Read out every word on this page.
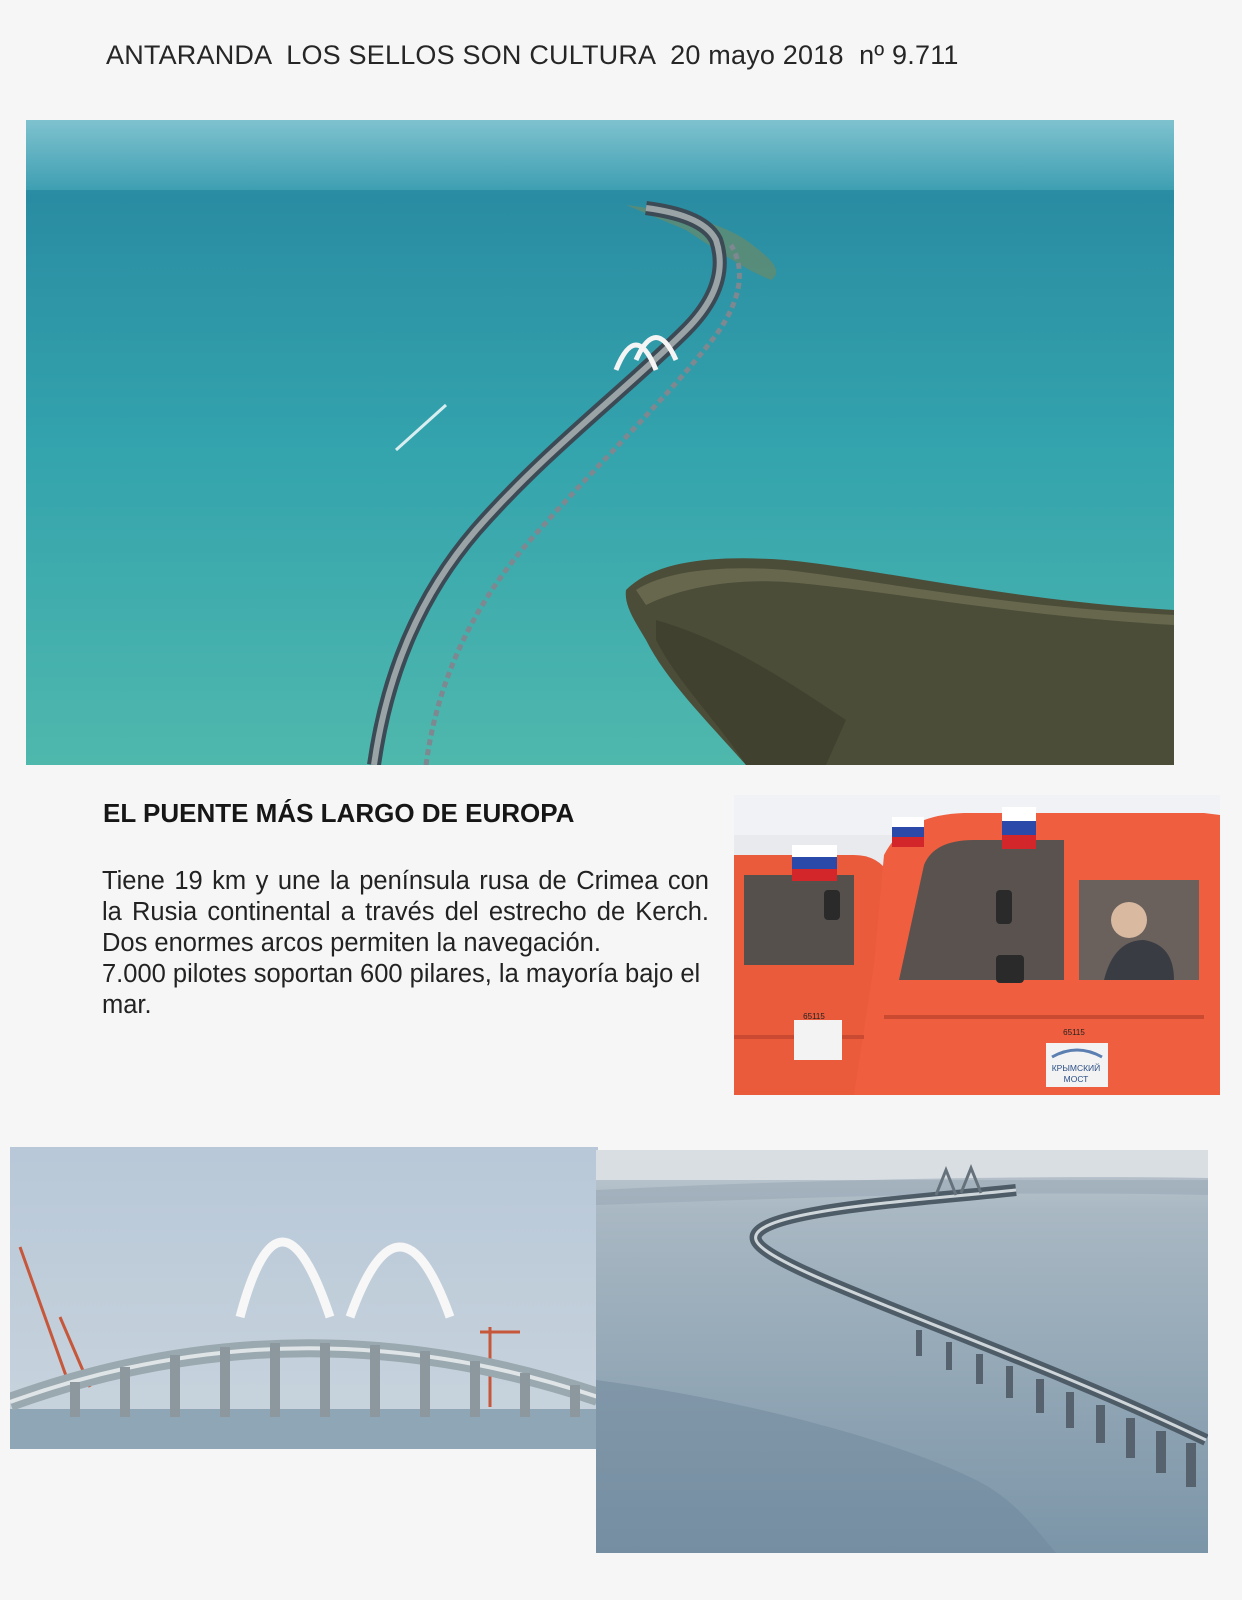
ANTARANDA  LOS SELLOS SON CULTURA  20 mayo 2018  nº 9.711
EL PUENTE MÁS LARGO DE EUROPA

Tiene 19 km y une la península rusa de Crimea con la Rusia continental a través del estrecho de Kerch. Dos enormes arcos permiten la navegación.

7.000 pilotes soportan 600 pilares, la mayoría bajo el mar.

КРЫМСКИЙ
МОСТ
65115
65115
